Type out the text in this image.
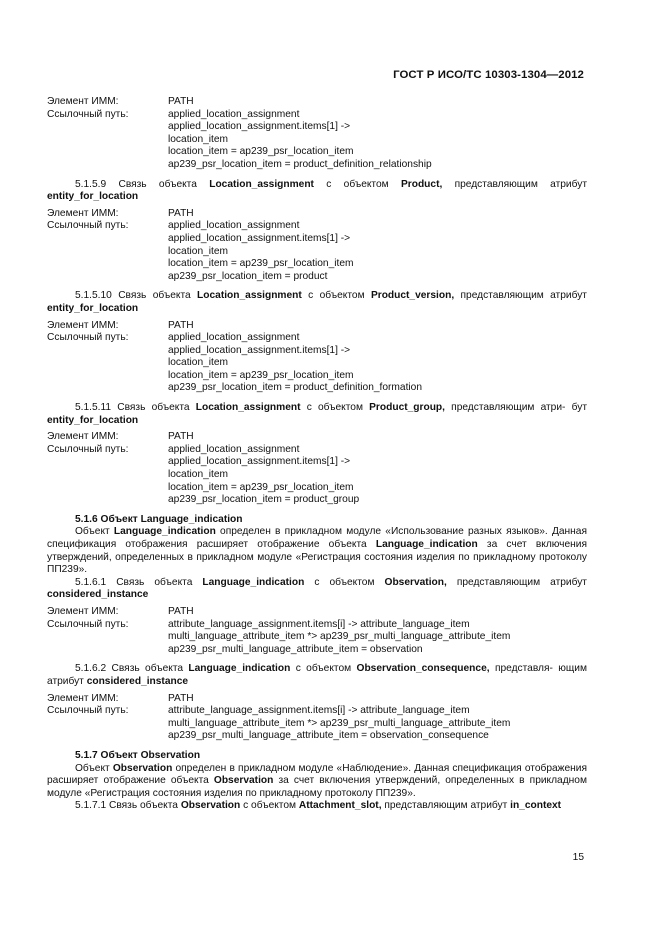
ГОСТ Р ИСО/ТС 10303-1304—2012
Элемент ИММ:
Ссылочный путь:
PATH
applied_location_assignment
applied_location_assignment.items[1] ->
location_item
location_item = ap239_psr_location_item
ap239_psr_location_item = product_definition_relationship
5.1.5.9 Связь объекта Location_assignment с объектом Product, представляющим атрибут entity_for_location
Элемент ИММ:
Ссылочный путь:
PATH
applied_location_assignment
applied_location_assignment.items[1] ->
location_item
location_item = ap239_psr_location_item
ap239_psr_location_item = product
5.1.5.10 Связь объекта Location_assignment с объектом Product_version, представляющим атрибут entity_for_location
Элемент ИММ:
Ссылочный путь:
PATH
applied_location_assignment
applied_location_assignment.items[1] ->
location_item
location_item = ap239_psr_location_item
ap239_psr_location_item = product_definition_formation
5.1.5.11 Связь объекта Location_assignment с объектом Product_group, представляющим атри- бут entity_for_location
Элемент ИММ:
Ссылочный путь:
PATH
applied_location_assignment
applied_location_assignment.items[1] ->
location_item
location_item = ap239_psr_location_item
ap239_psr_location_item = product_group
5.1.6 Объект Language_indication
Объект Language_indication определен в прикладном модуле «Использование разных языков». Данная спецификация отображения расширяет отображение объекта Language_indication за счет включения утверждений, определенных в прикладном модуле «Регистрация состояния изделия по прикладному протоколу ПП239».
5.1.6.1 Связь объекта Language_indication с объектом Observation, представляющим атрибут considered_instance
Элемент ИММ:
Ссылочный путь:
PATH
attribute_language_assignment.items[i] -> attribute_language_item
multi_language_attribute_item *> ap239_psr_multi_language_attribute_item
ap239_psr_multi_language_attribute_item = observation
5.1.6.2 Связь объекта Language_indication с объектом Observation_consequence, представля- ющим атрибут considered_instance
Элемент ИММ:
Ссылочный путь:
PATH
attribute_language_assignment.items[i] -> attribute_language_item
multi_language_attribute_item *> ap239_psr_multi_language_attribute_item
ap239_psr_multi_language_attribute_item = observation_consequence
5.1.7 Объект Observation
Объект Observation определен в прикладном модуле «Наблюдение». Данная спецификация отображения расширяет отображение объекта Observation за счет включения утверждений, определенных в прикладном модуле «Регистрация состояния изделия по прикладному протоколу ПП239».
5.1.7.1 Связь объекта Observation с объектом Attachment_slot, представляющим атрибут in_context
15
